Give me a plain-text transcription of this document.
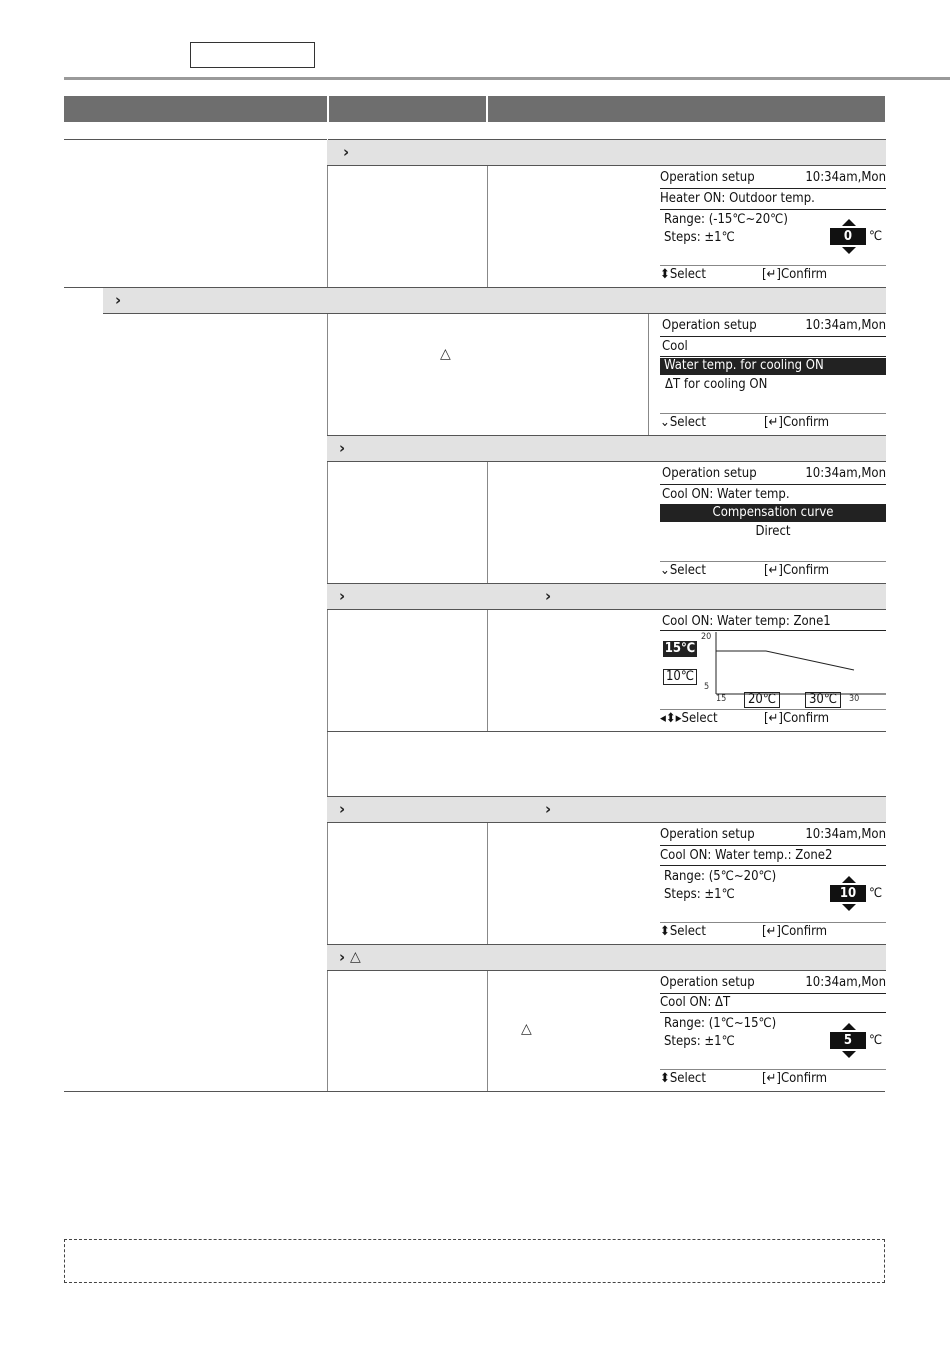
›
Operation setup	10:34am,Mon
Heater ON: Outdoor temp.
Range: (-15℃~20℃)
Steps: ±1℃	0	℃
⬍Select	[↵]Confirm
›
△
Operation setup	10:34am,Mon
Cool
Water temp. for cooling ON
ΔT for cooling ON
⌄Select	[↵]Confirm
›
Operation setup	10:34am,Mon
Cool ON: Water temp.
Compensation curve
Direct
⌄Select	[↵]Confirm
›	›
Cool ON: Water temp: Zone1
15℃
10℃
20
5
15	20℃	30℃	30
◂⬍▸Select	[↵]Confirm
›	›
Operation setup	10:34am,Mon
Cool ON: Water temp.: Zone2
Range: (5℃~20℃)
Steps: ±1℃	10 ℃
⬍Select	[↵]Confirm
› △
△
Operation setup	10:34am,Mon
Cool ON: ΔT
Range: (1℃~15℃)
Steps: ±1℃	5	℃
⬍Select	[↵]Confirm
